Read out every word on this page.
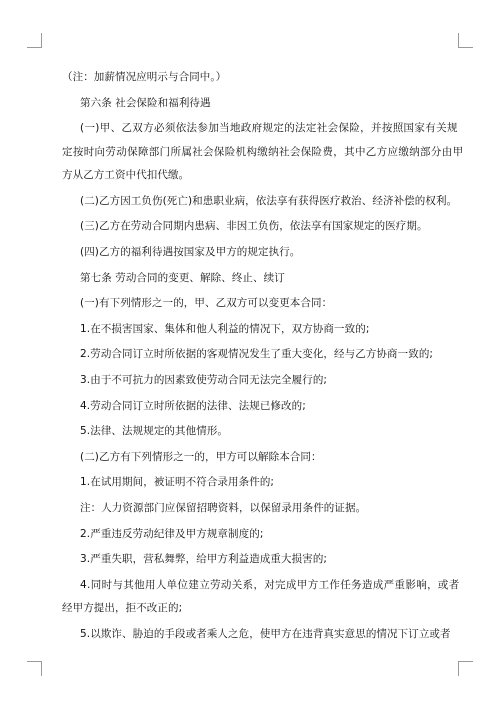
（注：加薪情况应明示与合同中。）
第六条 社会保险和福利待遇
(一)甲、乙双方必须依法参加当地政府规定的法定社会保险，并按照国家有关规
定按时向劳动保障部门所属社会保险机构缴纳社会保险费，其中乙方应缴纳部分由甲
方从乙方工资中代扣代缴。
(二)乙方因工负伤(死亡)和患职业病，依法享有获得医疗救治、经济补偿的权利。
(三)乙方在劳动合同期内患病、非因工负伤，依法享有国家规定的医疗期。
(四)乙方的福利待遇按国家及甲方的规定执行。
第七条 劳动合同的变更、解除、终止、续订
(一)有下列情形之一的，甲、乙双方可以变更本合同：
1.在不损害国家、集体和他人利益的情况下，双方协商一致的;
2.劳动合同订立时所依据的客观情况发生了重大变化，经与乙方协商一致的;
3.由于不可抗力的因素致使劳动合同无法完全履行的;
4.劳动合同订立时所依据的法律、法规已修改的;
5.法律、法规规定的其他情形。
(二)乙方有下列情形之一的，甲方可以解除本合同：
1.在试用期间，被证明不符合录用条件的;
注：人力资源部门应保留招聘资料，以保留录用条件的证据。
2.严重违反劳动纪律及甲方规章制度的;
3.严重失职，营私舞弊，给甲方利益造成重大损害的;
4.同时与其他用人单位建立劳动关系，对完成甲方工作任务造成严重影响，或者
经甲方提出，拒不改正的;
5.以欺诈、胁迫的手段或者乘人之危，使甲方在违背真实意思的情况下订立或者
